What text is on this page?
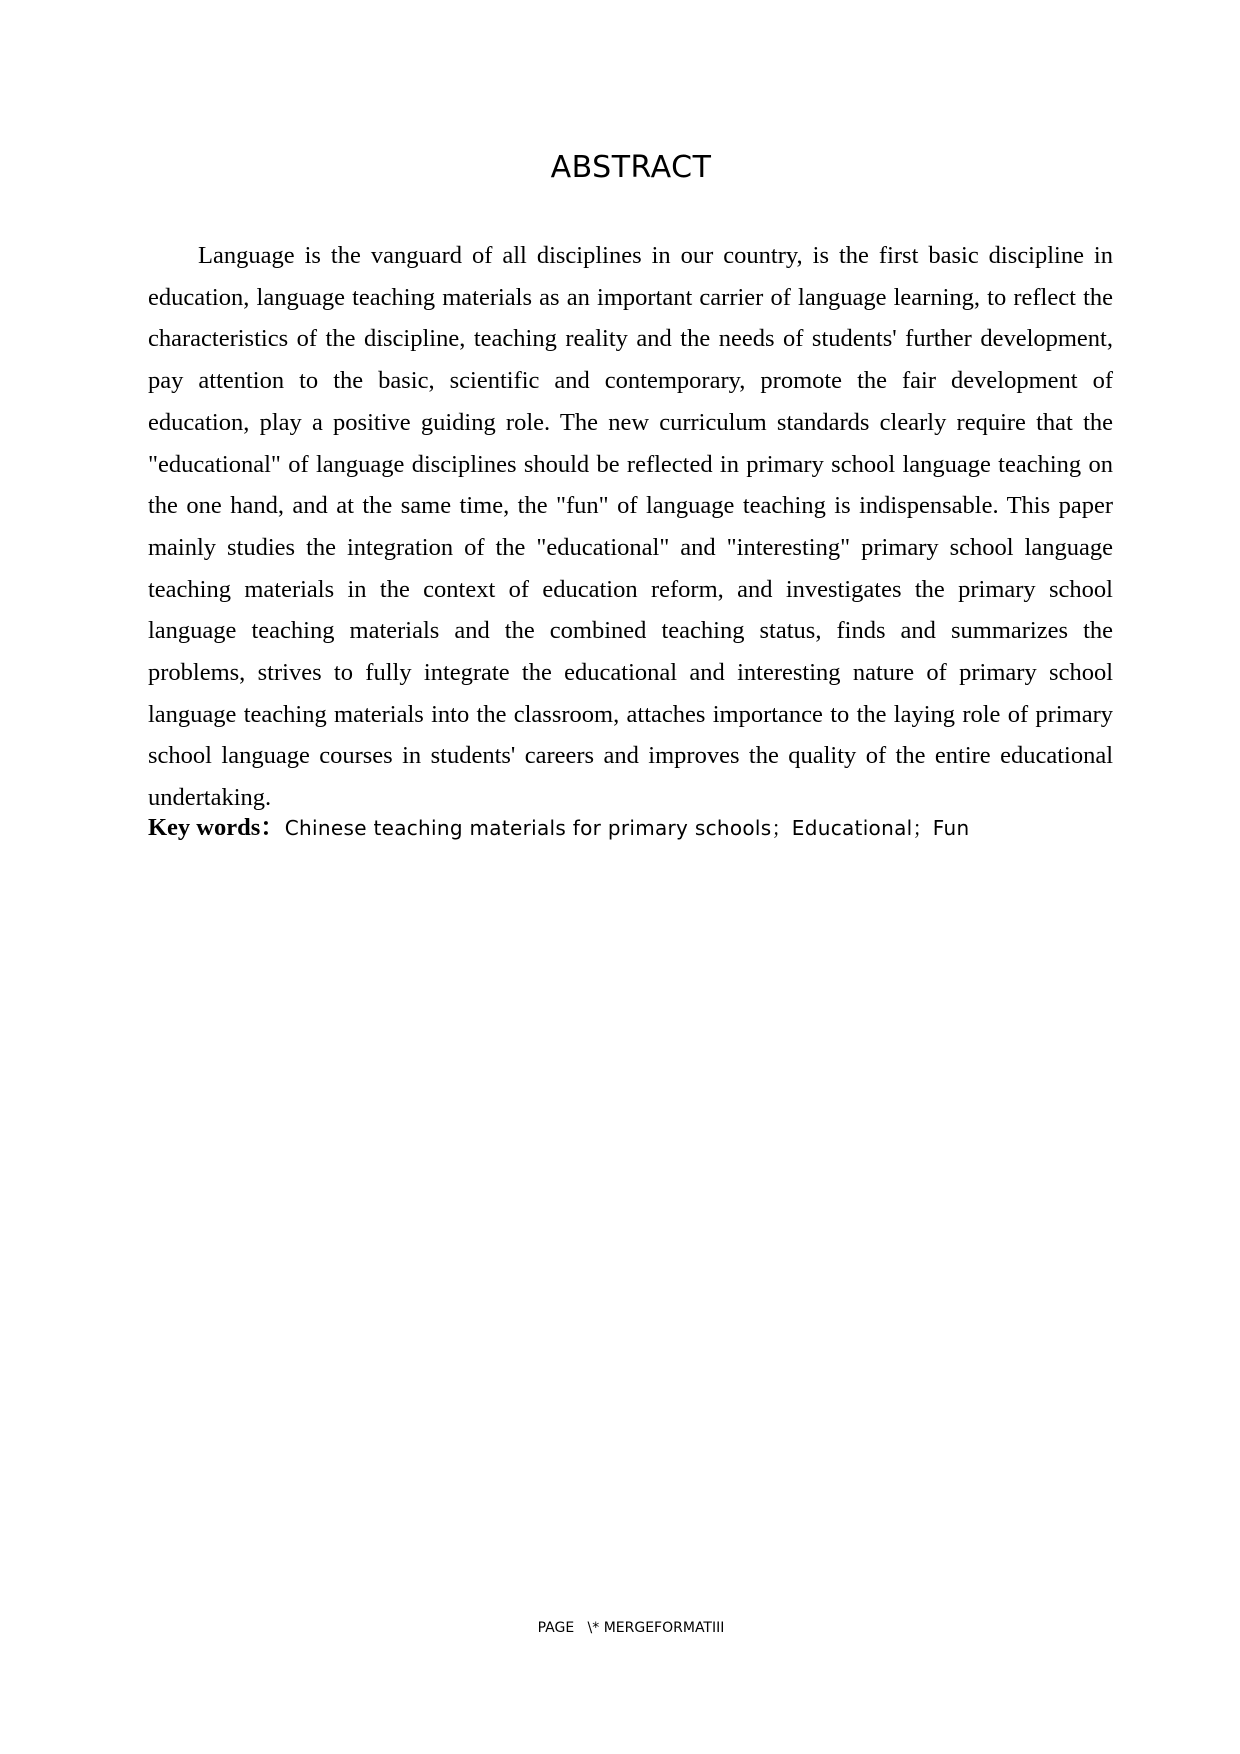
ABSTRACT

Language is the vanguard of all disciplines in our country, is the first basic discipline in education, language teaching materials as an important carrier of language learning, to reflect the characteristics of the discipline, teaching reality and the needs of students' further development, pay attention to the basic, scientific and contemporary, promote the fair development of education, play a positive guiding role. The new curriculum standards clearly require that the "educational" of language disciplines should be reflected in primary school language teaching on the one hand, and at the same time, the "fun" of language teaching is indispensable. This paper mainly studies the integration of the "educational" and "interesting" primary school language teaching materials in the context of education reform, and investigates the primary school language teaching materials and the combined teaching status, finds and summarizes the problems, strives to fully integrate the educational and interesting nature of primary school language teaching materials into the classroom, attaches importance to the laying role of primary school language courses in students' careers and improves the quality of the entire educational undertaking.

Key words：Chinese teaching materials for primary schools；Educational；Fun

PAGE   \* MERGEFORMATIII
